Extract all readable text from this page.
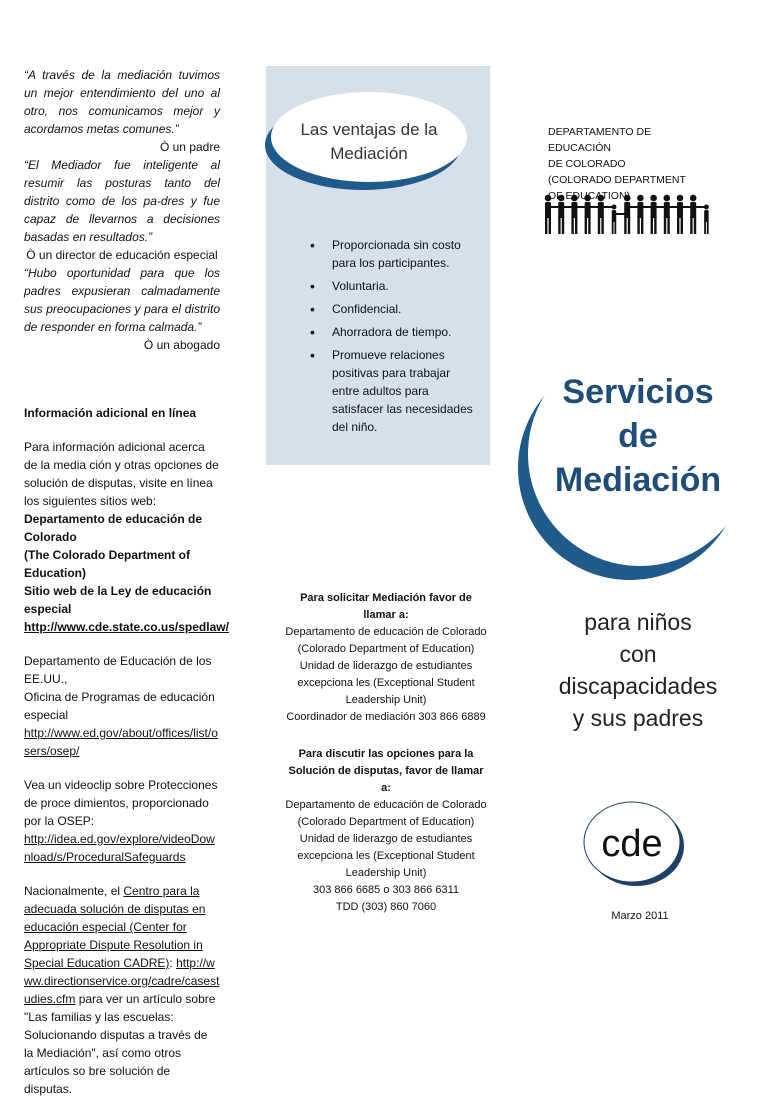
“A través de la mediación tuvimos un mejor entendimiento del uno al otro, nos comunicamos mejor y acordamos metas comunes.”

Ò un padre

“El Mediador fue inteligente al resumir las posturas tanto del distrito como de los pa-dres y fue capaz de llevarnos a decisiones basadas en resultados.”

Ò un director de educación especial

“Hubo oportunidad para que los padres expusieran calmadamente sus preocupaciones y para el distrito de responder en forma calmada.”

Ò un abogado

Información adicional en línea

Para información adicional acerca de la media ción y otras opciones de solución de disputas, visite en línea los siguientes sitios web:

Departamento de educación de Colorado

(The Colorado Department of Education)

Sitio web de la Ley de educación especial

http://www.cde.state.co.us/spedlaw/

Departamento de Educación de los EE.UU.,

Oficina de Programas de educación especial

http://www.ed.gov/about/offices/list/osers/osep/

Vea un videoclip sobre Protecciones de proce dimientos, proporcionado por la OSEP:

http://idea.ed.gov/explore/videoDownload/s/ProceduralSafeguards

Nacionalmente, el Centro para la adecuada solución de disputas en educación especial (Center for Appropriate Dispute Resolution in Special Education CADRE): http://www.directionservice.org/cadre/casestudies.cfm para ver un artículo sobre "Las familias y las escuelas: Solucionando disputas a través de la Mediación", así como otros artículos so bre solución de disputas.

Las ventajas de la
Mediación
• Proporcionada sin costo para los participantes.
• Voluntaria.
• Confidencial.
• Ahorradora de tiempo.
• Promueve relaciones positivas para trabajar entre adultos para satisfacer las necesidades del niño.
Para solicitar Mediación favor de llamar a:
Departamento de educación de Colorado
(Colorado Department of Education)
Unidad de liderazgo de estudiantes excepciona les (Exceptional Student Leadership Unit)
Coordinador de mediación 303 866 6889
Para discutir las opciones para la Solución de disputas, favor de llamar a:
Departamento de educación de Colorado
(Colorado Department of Education)
Unidad de liderazgo de estudiantes excepciona les (Exceptional Student Leadership Unit)
303 866 6685 o 303 866 6311
TDD (303) 860 7060
DEPARTAMENTO DE EDUCACIÓN
DE COLORADO
(COLORADO DEPARTMENT
OF EDUCATION)
Servicios de
Mediación
para niños
con discapacidades
y sus padres
cde
Marzo 2011
